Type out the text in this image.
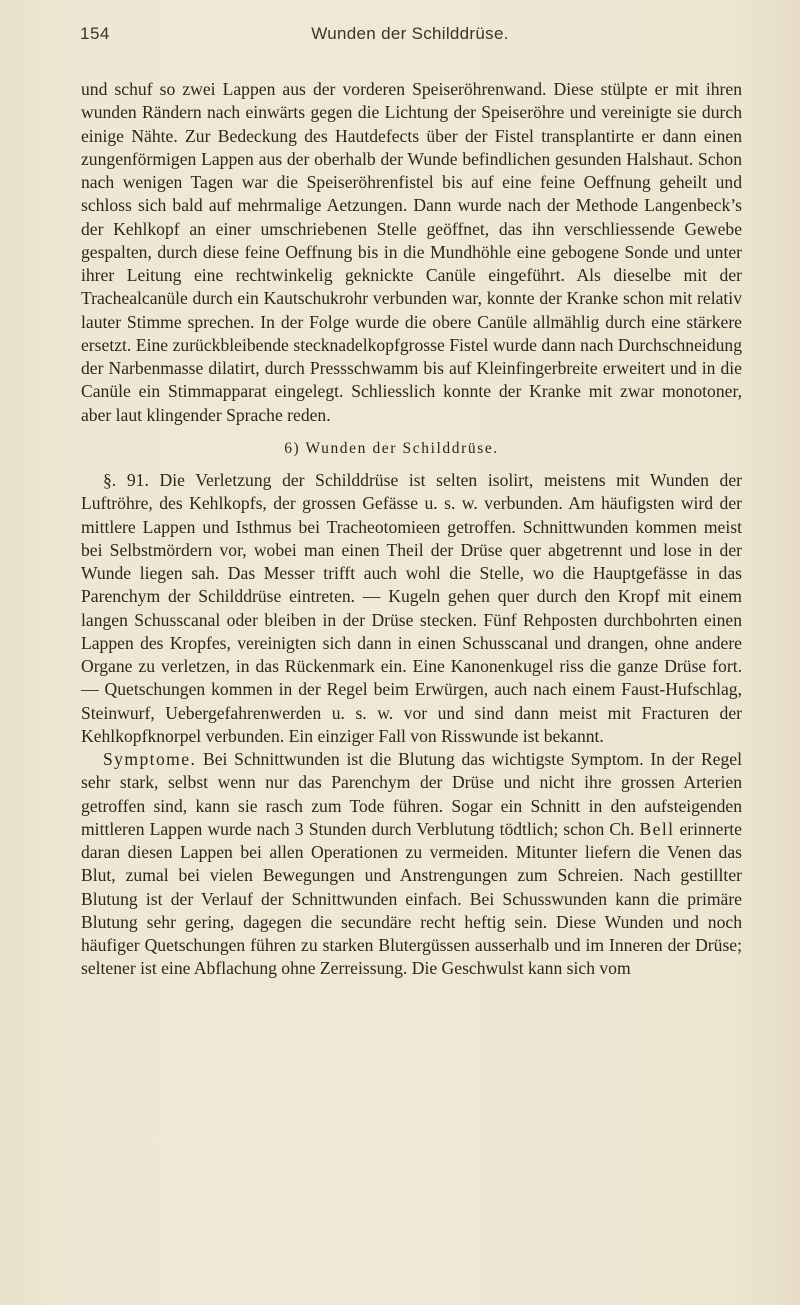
154	Wunden der Schilddrüse.

und schuf so zwei Lappen aus der vorderen Speiseröhrenwand. Diese stülpte er mit ihren wunden Rändern nach einwärts gegen die Lichtung der Speiseröhre und vereinigte sie durch einige Nähte. Zur Bedeckung des Hautdefects über der Fistel transplantirte er dann einen zungenförmigen Lappen aus der oberhalb der Wunde befindlichen gesunden Halshaut. Schon nach wenigen Tagen war die Speiseröhrenfistel bis auf eine feine Oeffnung geheilt und schloss sich bald auf mehrmalige Aetzungen. Dann wurde nach der Methode Langenbeck’s der Kehlkopf an einer umschriebenen Stelle geöffnet, das ihn verschliessende Gewebe gespalten, durch diese feine Oeffnung bis in die Mundhöhle eine gebogene Sonde und unter ihrer Leitung eine rechtwinkelig geknickte Canüle eingeführt. Als dieselbe mit der Trachealcanüle durch ein Kautschukrohr verbunden war, konnte der Kranke schon mit relativ lauter Stimme sprechen. In der Folge wurde die obere Canüle allmählig durch eine stärkere ersetzt. Eine zurückbleibende stecknadelkopfgrosse Fistel wurde dann nach Durchschneidung der Narbenmasse dilatirt, durch Pressschwamm bis auf Kleinfingerbreite erweitert und in die Canüle ein Stimmapparat eingelegt. Schliesslich konnte der Kranke mit zwar monotoner, aber laut klingender Sprache reden.

6) Wunden der Schilddrüse.

§. 91. Die Verletzung der Schilddrüse ist selten isolirt, meistens mit Wunden der Luftröhre, des Kehlkopfs, der grossen Gefässe u. s. w. verbunden. Am häufigsten wird der mittlere Lappen und Isthmus bei Tracheotomieen getroffen. Schnittwunden kommen meist bei Selbstmördern vor, wobei man einen Theil der Drüse quer abgetrennt und lose in der Wunde liegen sah. Das Messer trifft auch wohl die Stelle, wo die Hauptgefässe in das Parenchym der Schilddrüse eintreten. — Kugeln gehen quer durch den Kropf mit einem langen Schusscanal oder bleiben in der Drüse stecken. Fünf Rehposten durchbohrten einen Lappen des Kropfes, vereinigten sich dann in einen Schusscanal und drangen, ohne andere Organe zu verletzen, in das Rückenmark ein. Eine Kanonenkugel riss die ganze Drüse fort. — Quetschungen kommen in der Regel beim Erwürgen, auch nach einem Faust-Hufschlag, Steinwurf, Uebergefahrenwerden u. s. w. vor und sind dann meist mit Fracturen der Kehlkopfknorpel verbunden. Ein einziger Fall von Risswunde ist bekannt.

Symptome. Bei Schnittwunden ist die Blutung das wichtigste Symptom. In der Regel sehr stark, selbst wenn nur das Parenchym der Drüse und nicht ihre grossen Arterien getroffen sind, kann sie rasch zum Tode führen. Sogar ein Schnitt in den aufsteigenden mittleren Lappen wurde nach 3 Stunden durch Verblutung tödtlich; schon Ch. Bell erinnerte daran diesen Lappen bei allen Operationen zu vermeiden. Mitunter liefern die Venen das Blut, zumal bei vielen Bewegungen und Anstrengungen zum Schreien. Nach gestillter Blutung ist der Verlauf der Schnittwunden einfach. Bei Schusswunden kann die primäre Blutung sehr gering, dagegen die secundäre recht heftig sein. Diese Wunden und noch häufiger Quetschungen führen zu starken Blutergüssen ausserhalb und im Inneren der Drüse; seltener ist eine Abflachung ohne Zerreissung. Die Geschwulst kann sich vom
